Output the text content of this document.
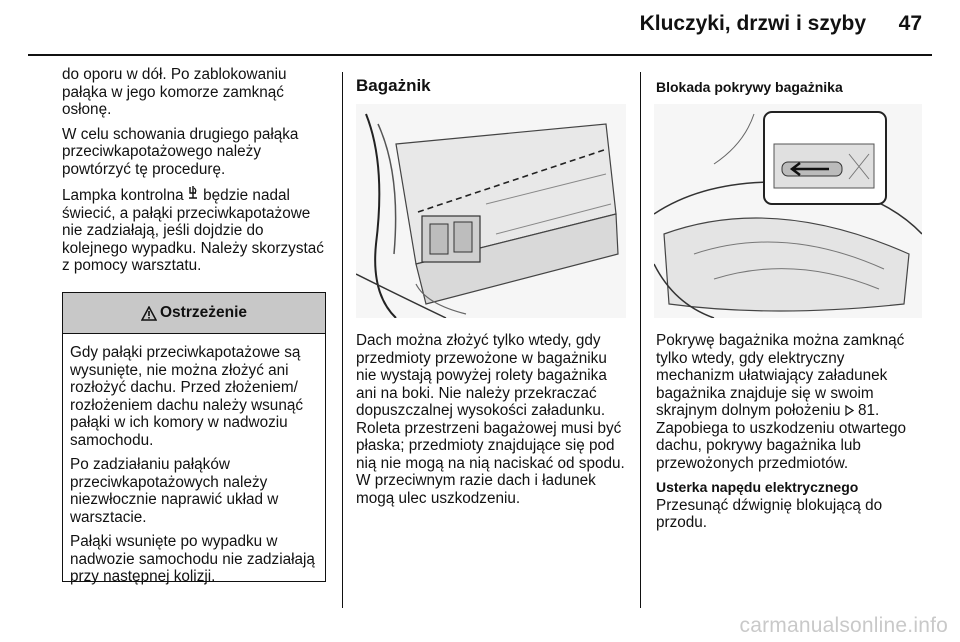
Kluczyki, drzwi i szyby 47

do oporu w dół. Po zablokowaniu pałąka w jego komorze zamknąć osłonę.

W celu schowania drugiego pałąka przeciwkapotażowego należy powtórzyć tę procedurę.

Lampka kontrolna  będzie nadal świecić, a pałąki przeciwkapotażowe nie zadziałają, jeśli dojdzie do kolejnego wypadku. Należy skorzystać z pomocy warsztatu.

Ostrzeżenie

Gdy pałąki przeciwkapotażowe są wysunięte, nie można złożyć ani rozłożyć dachu. Przed złożeniem/ rozłożeniem dachu należy wsunąć pałąki w ich komory w nadwoziu samochodu.

Po zadziałaniu pałąków przeciwkapotażowych należy niezwłocznie naprawić układ w warsztacie.

Pałąki wsunięte po wypadku w nadwozie samochodu nie zadziałają przy następnej kolizji.

Bagażnik

Dach można złożyć tylko wtedy, gdy przedmioty przewożone w bagażniku nie wystają powyżej rolety bagażnika ani na boki. Nie należy przekraczać dopuszczalnej wysokości załadunku. Roleta przestrzeni bagażowej musi być płaska; przedmioty znajdujące się pod nią nie mogą na nią naciskać od spodu. W przeciwnym razie dach i ładunek mogą ulec uszkodzeniu.

Blokada pokrywy bagażnika

Pokrywę bagażnika można zamknąć tylko wtedy, gdy elektryczny mechanizm ułatwiający załadunek bagażnika znajduje się w swoim skrajnym dolnym położeniu  81. Zapobiega to uszkodzeniu otwartego dachu, pokrywy bagażnika lub przewożonych przedmiotów.

Usterka napędu elektrycznego

Przesunąć dźwignię blokującą do przodu.

carmanualsonline.info
